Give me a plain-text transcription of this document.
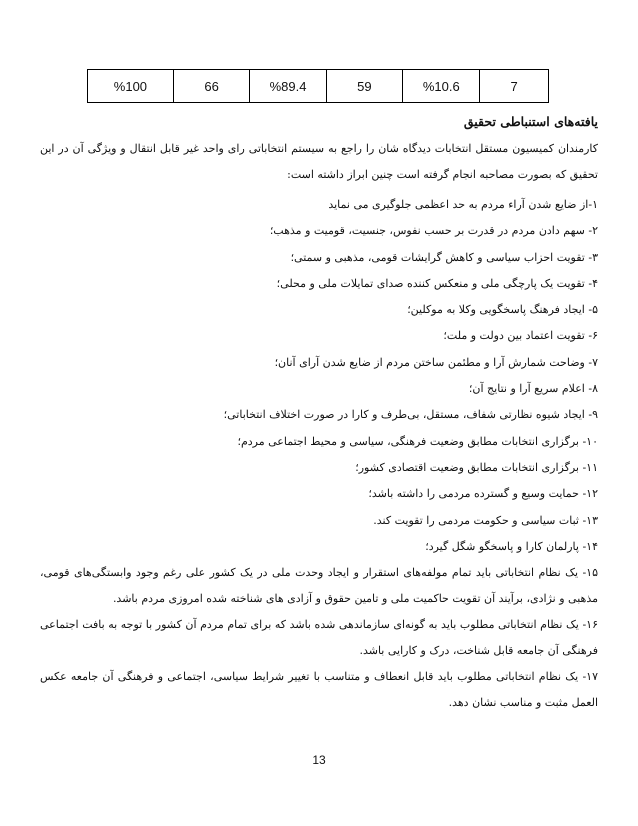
%100	66	%89.4	59	%10.6	7
یافته‌های استنباطی تحقیق

کارمندان کمیسیون مستقل انتخابات دیدگاه شان را راجع به سیستم انتخاباتی رای واحد غیر قابل انتقال و ویژگی آن در این تحقیق که بصورت مصاحبه انجام گرفته است چنین ابراز داشته است:

۱-از ضایع شدن آراء مردم به حد اعظمی جلوگیری می نماید

۲- سهم دادن مردم در قدرت بر حسب نفوس، جنسیت، قومیت و مذهب؛

۳- تقویت احزاب سیاسی و کاهش گرایشات قومی، مذهبی و سمتی؛

۴- تقویت یک پارچگی ملی و منعکس کننده صدای تمایلات ملی و محلی؛

۵- ایجاد فرهنگ پاسخگویی وکلا به موکلین؛

۶- تقویت اعتماد بین دولت و ملت؛

۷- وضاحت شمارش آرا و مطئمن ساختن مردم از ضایع شدن آرای آنان؛

۸- اعلام سریع آرا و نتایج آن؛

۹- ایجاد شیوه نظارتی شفاف، مستقل، بی‌طرف و کارا در صورت اختلاف انتخاباتی؛

۱۰- برگزاری انتخابات مطابق وضعیت فرهنگی، سیاسی و محیط اجتماعی مردم؛

۱۱- برگزاری انتخابات مطابق وضعیت اقتصادی کشور؛

۱۲- حمایت وسیع و گسترده مردمی را داشته باشد؛

۱۳- ثبات سیاسی و حکومت مردمی را تقویت کند.

۱۴- پارلمان کارا و پاسخگو شگل گیرد؛

۱۵- یک نظام انتخاباتی باید تمام مولفه‌های استقرار و ایجاد وحدت ملی در یک کشور علی رغم وجود وابستگی‌های قومی، مذهبی و نژادی، برآیند آن تقویت حاکمیت ملی و تامین حقوق و آزادی های شناخته شده امروزی مردم باشد.

۱۶- یک نظام انتخاباتی مطلوب باید به گونه‌ای سازماندهی شده باشد که برای تمام مردم آن کشور با توجه به بافت اجتماعی فرهنگی آن جامعه قابل شناخت، درک و کارایی باشد.

۱۷- یک نظام انتخاباتی مطلوب باید قابل انعطاف و متناسب با تغییر شرایط سیاسی، اجتماعی و فرهنگی آن جامعه عکس العمل مثبت و مناسب نشان دهد.

13
